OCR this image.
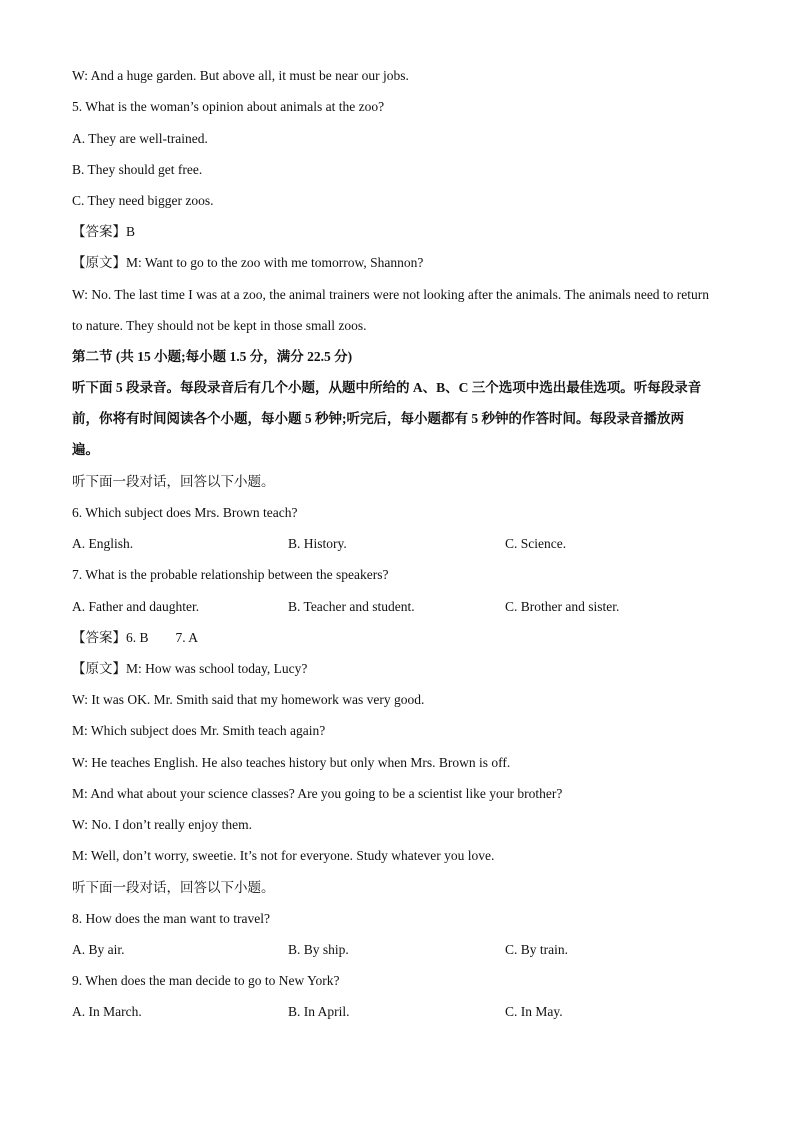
W: And a huge garden. But above all, it must be near our jobs.
5. What is the woman’s opinion about animals at the zoo?
A. They are well-trained.
B. They should get free.
C. They need bigger zoos.
【答案】B
【原文】M: Want to go to the zoo with me tomorrow, Shannon?
W: No. The last time I was at a zoo, the animal trainers were not looking after the animals. The animals need to return
to nature. They should not be kept in those small zoos.
第二节 (共 15 小题;每小题 1.5 分，满分 22.5 分)
听下面 5 段录音。每段录音后有几个小题，从题中所给的 A、B、C 三个选项中选出最佳选项。听每段录音
前，你将有时间阅读各个小题，每小题 5 秒钟;听完后，每小题都有 5 秒钟的作答时间。每段录音播放两
遍。
听下面一段对话，回答以下小题。
6. Which subject does Mrs. Brown teach?
A. English.	B. History.	C. Science.
7. What is the probable relationship between the speakers?
A. Father and daughter.	B. Teacher and student.	C. Brother and sister.
【答案】6. B        7. A
【原文】M: How was school today, Lucy?
W: It was OK. Mr. Smith said that my homework was very good.
M: Which subject does Mr. Smith teach again?
W: He teaches English. He also teaches history but only when Mrs. Brown is off.
M: And what about your science classes? Are you going to be a scientist like your brother?
W: No. I don’t really enjoy them.
M: Well, don’t worry, sweetie. It’s not for everyone. Study whatever you love.
听下面一段对话，回答以下小题。
8. How does the man want to travel?
A. By air.	B. By ship.	C. By train.
9. When does the man decide to go to New York?
A. In March.	B. In April.	C. In May.
